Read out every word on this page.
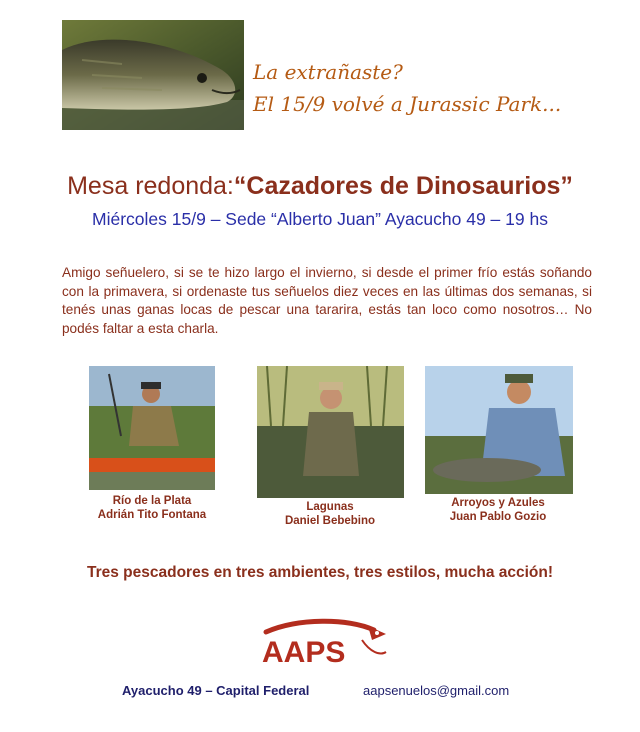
La extrañaste?
El 15/9 volvé a Jurassic Park...
Mesa redonda:“Cazadores de Dinosaurios”
Miércoles 15/9 – Sede “Alberto Juan” Ayacucho 49 – 19 hs
Amigo señuelero, si se te hizo largo el invierno, si desde el primer frío estás soñando con la primavera, si ordenaste tus señuelos diez veces en las últimas dos semanas, si tenés unas ganas locas de pescar una tararira, estás tan loco como nosotros… No podés faltar a esta charla.
Río de la Plata
Adrián Tito Fontana
Lagunas
Daniel Bebebino
Arroyos y Azules
Juan Pablo Gozio
Tres pescadores en tres ambientes, tres estilos, mucha acción!
AAPS
Ayacucho 49 – Capital Federal	aapsenuelos@gmail.com
